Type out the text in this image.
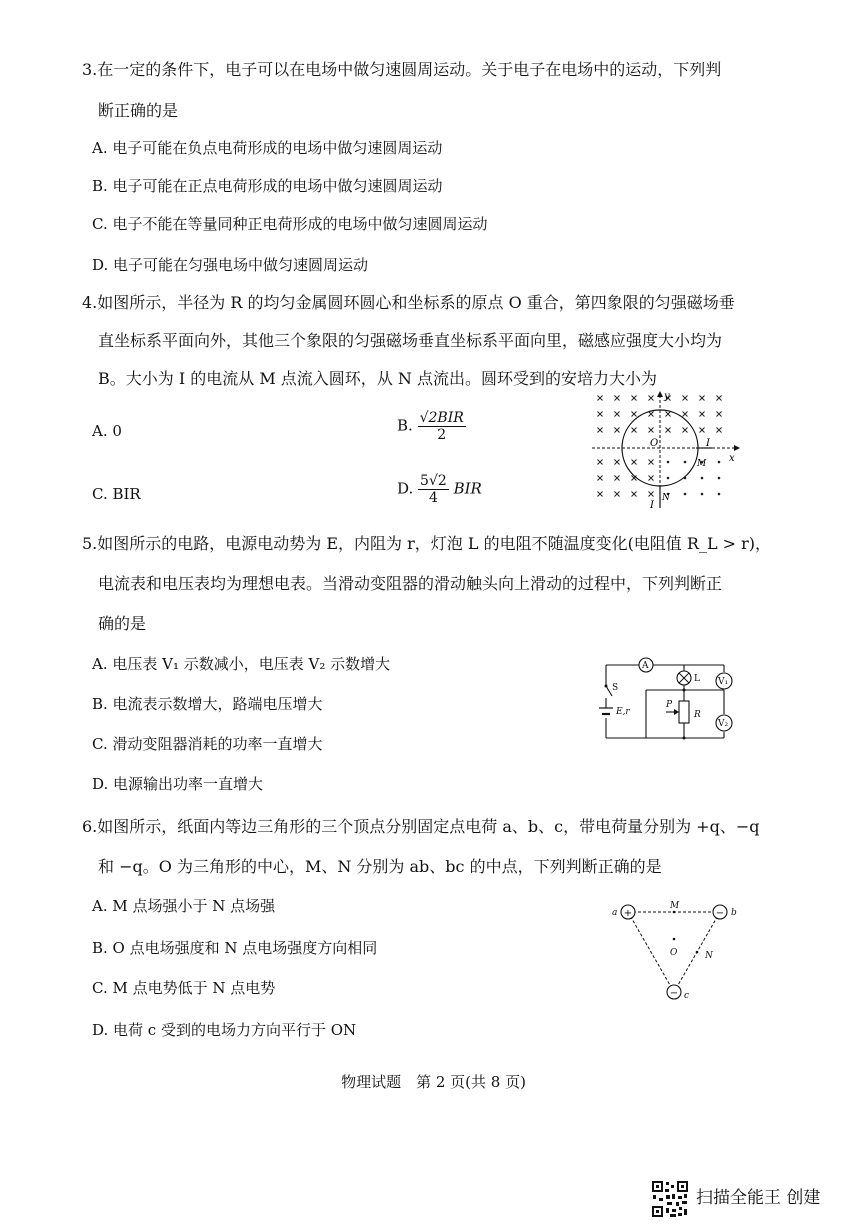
3.在一定的条件下，电子可以在电场中做匀速圆周运动。关于电子在电场中的运动，下列判
断正确的是
A. 电子可能在负点电荷形成的电场中做匀速圆周运动
B. 电子可能在正点电荷形成的电场中做匀速圆周运动
C. 电子不能在等量同种正电荷形成的电场中做匀速圆周运动
D. 电子可能在匀强电场中做匀速圆周运动
4.如图所示，半径为 R 的均匀金属圆环圆心和坐标系的原点 O 重合，第四象限的匀强磁场垂
直坐标系平面向外，其他三个象限的匀强磁场垂直坐标系平面向里，磁感应强度大小均为
B。大小为 I 的电流从 M 点流入圆环，从 N 点流出。圆环受到的安培力大小为
A. 0	B. $\frac{\text{√2BIR}}{2}$
C. BIR	D. $\frac{5√2}{4}$ BIR
y
x
O	I
M
N
I
5.如图所示的电路，电源电动势为 E，内阻为 r，灯泡 L 的电阻不随温度变化(电阻值 R_L > r)，
电流表和电压表均为理想电表。当滑动变阻器的滑动触头向上滑动的过程中，下列判断正
确的是
A. 电压表 V₁ 示数减小，电压表 V₂ 示数增大
B. 电流表示数增大，路端电压增大
C. 滑动变阻器消耗的功率一直增大
D. 电源输出功率一直增大
A
L V₁
V₂
S
E,r
P
R
6.如图所示，纸面内等边三角形的三个顶点分别固定点电荷 a、b、c，带电荷量分别为 +q、−q
和 −q。O 为三角形的中心，M、N 分别为 ab、bc 的中点，下列判断正确的是
A. M 点场强小于 N 点场强
B. O 点电场强度和 N 点电场强度方向相同
C. M 点电势低于 N 点电势
D. 电荷 c 受到的电场力方向平行于 ON
+	−
−
a	b
c
M
O	N
物理试题　第 2 页(共 8 页)
扫描全能王 创建
